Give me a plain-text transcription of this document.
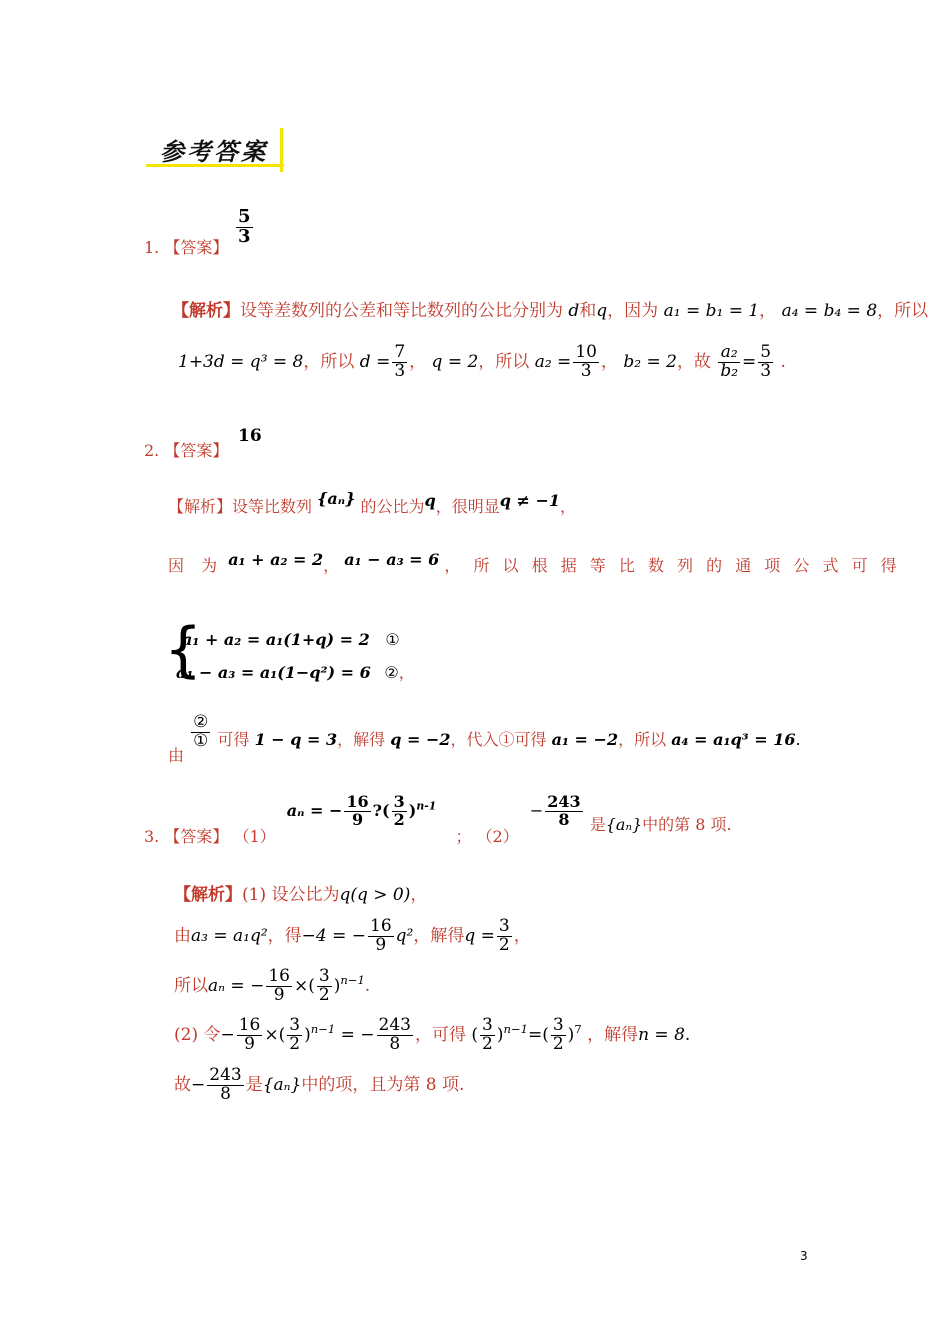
参考答案
1. 【答案】
$\frac{5}{3}$
【解析】设等差数列的公差和等比数列的公比分别为 d和q，因为 a₁ = b₁ = 1， a₄ = b₄ = 8，所以
1+3d = q³ = 8，所以 $d = \frac{7}{3}$ ， q = 2，所以 $a_2 = \frac{10}{3}$ ， b₂ = 2，故 $\frac{\text{a₂}}{\text{b₂}} = \frac{5}{3}$ .
2. 【答案】
16
【解析】设等比数列 {aₙ} 的公比为q，很明显q ≠ −1，
因 为 a₁ + a₂ = 2， a₁ − a₃ = 6 ， 所 以 根 据 等 比 数 列 的 通 项 公 式 可 得
{
a₁ + a₂ = a₁(1+q) = 2 ①
a₁ − a₃ = a₁(1−q²) = 6 ②，
由
②
① 可得 1 − q = 3，解得 q = −2，代入①可得 a₁ = −2，所以 a₄ = a₁q³ = 16.
3. 【答案】 （1） aₙ = − $\frac{16}{9}$ ?( $\frac{3}{2} )^{n-1}$ ； $(2) - \frac{243}{8}$ 是{aₙ}中的第 8 项.
【解析】(1) 设公比为q(q > 0)，
由a₃ = a₁q²，得−4 = − $\frac{16}{9} q^2$，解得$q = \frac{3}{2}$ ，
所以aₙ = − $\frac{16}{9}$ ×( $\frac{3}{2} )^{n-1}$.
(2) 令− $\frac{16}{9}$ ×( $\frac{3}{2} )^{n-1}$ = − $\frac{243}{8}$ ，可得 ( $\frac{3}{2} )^{n-1}=( \frac{3}{2} )^7$ ，解得n = 8.
故− $\frac{243}{8}$ 是{aₙ}中的项，且为第 8 项.
3
